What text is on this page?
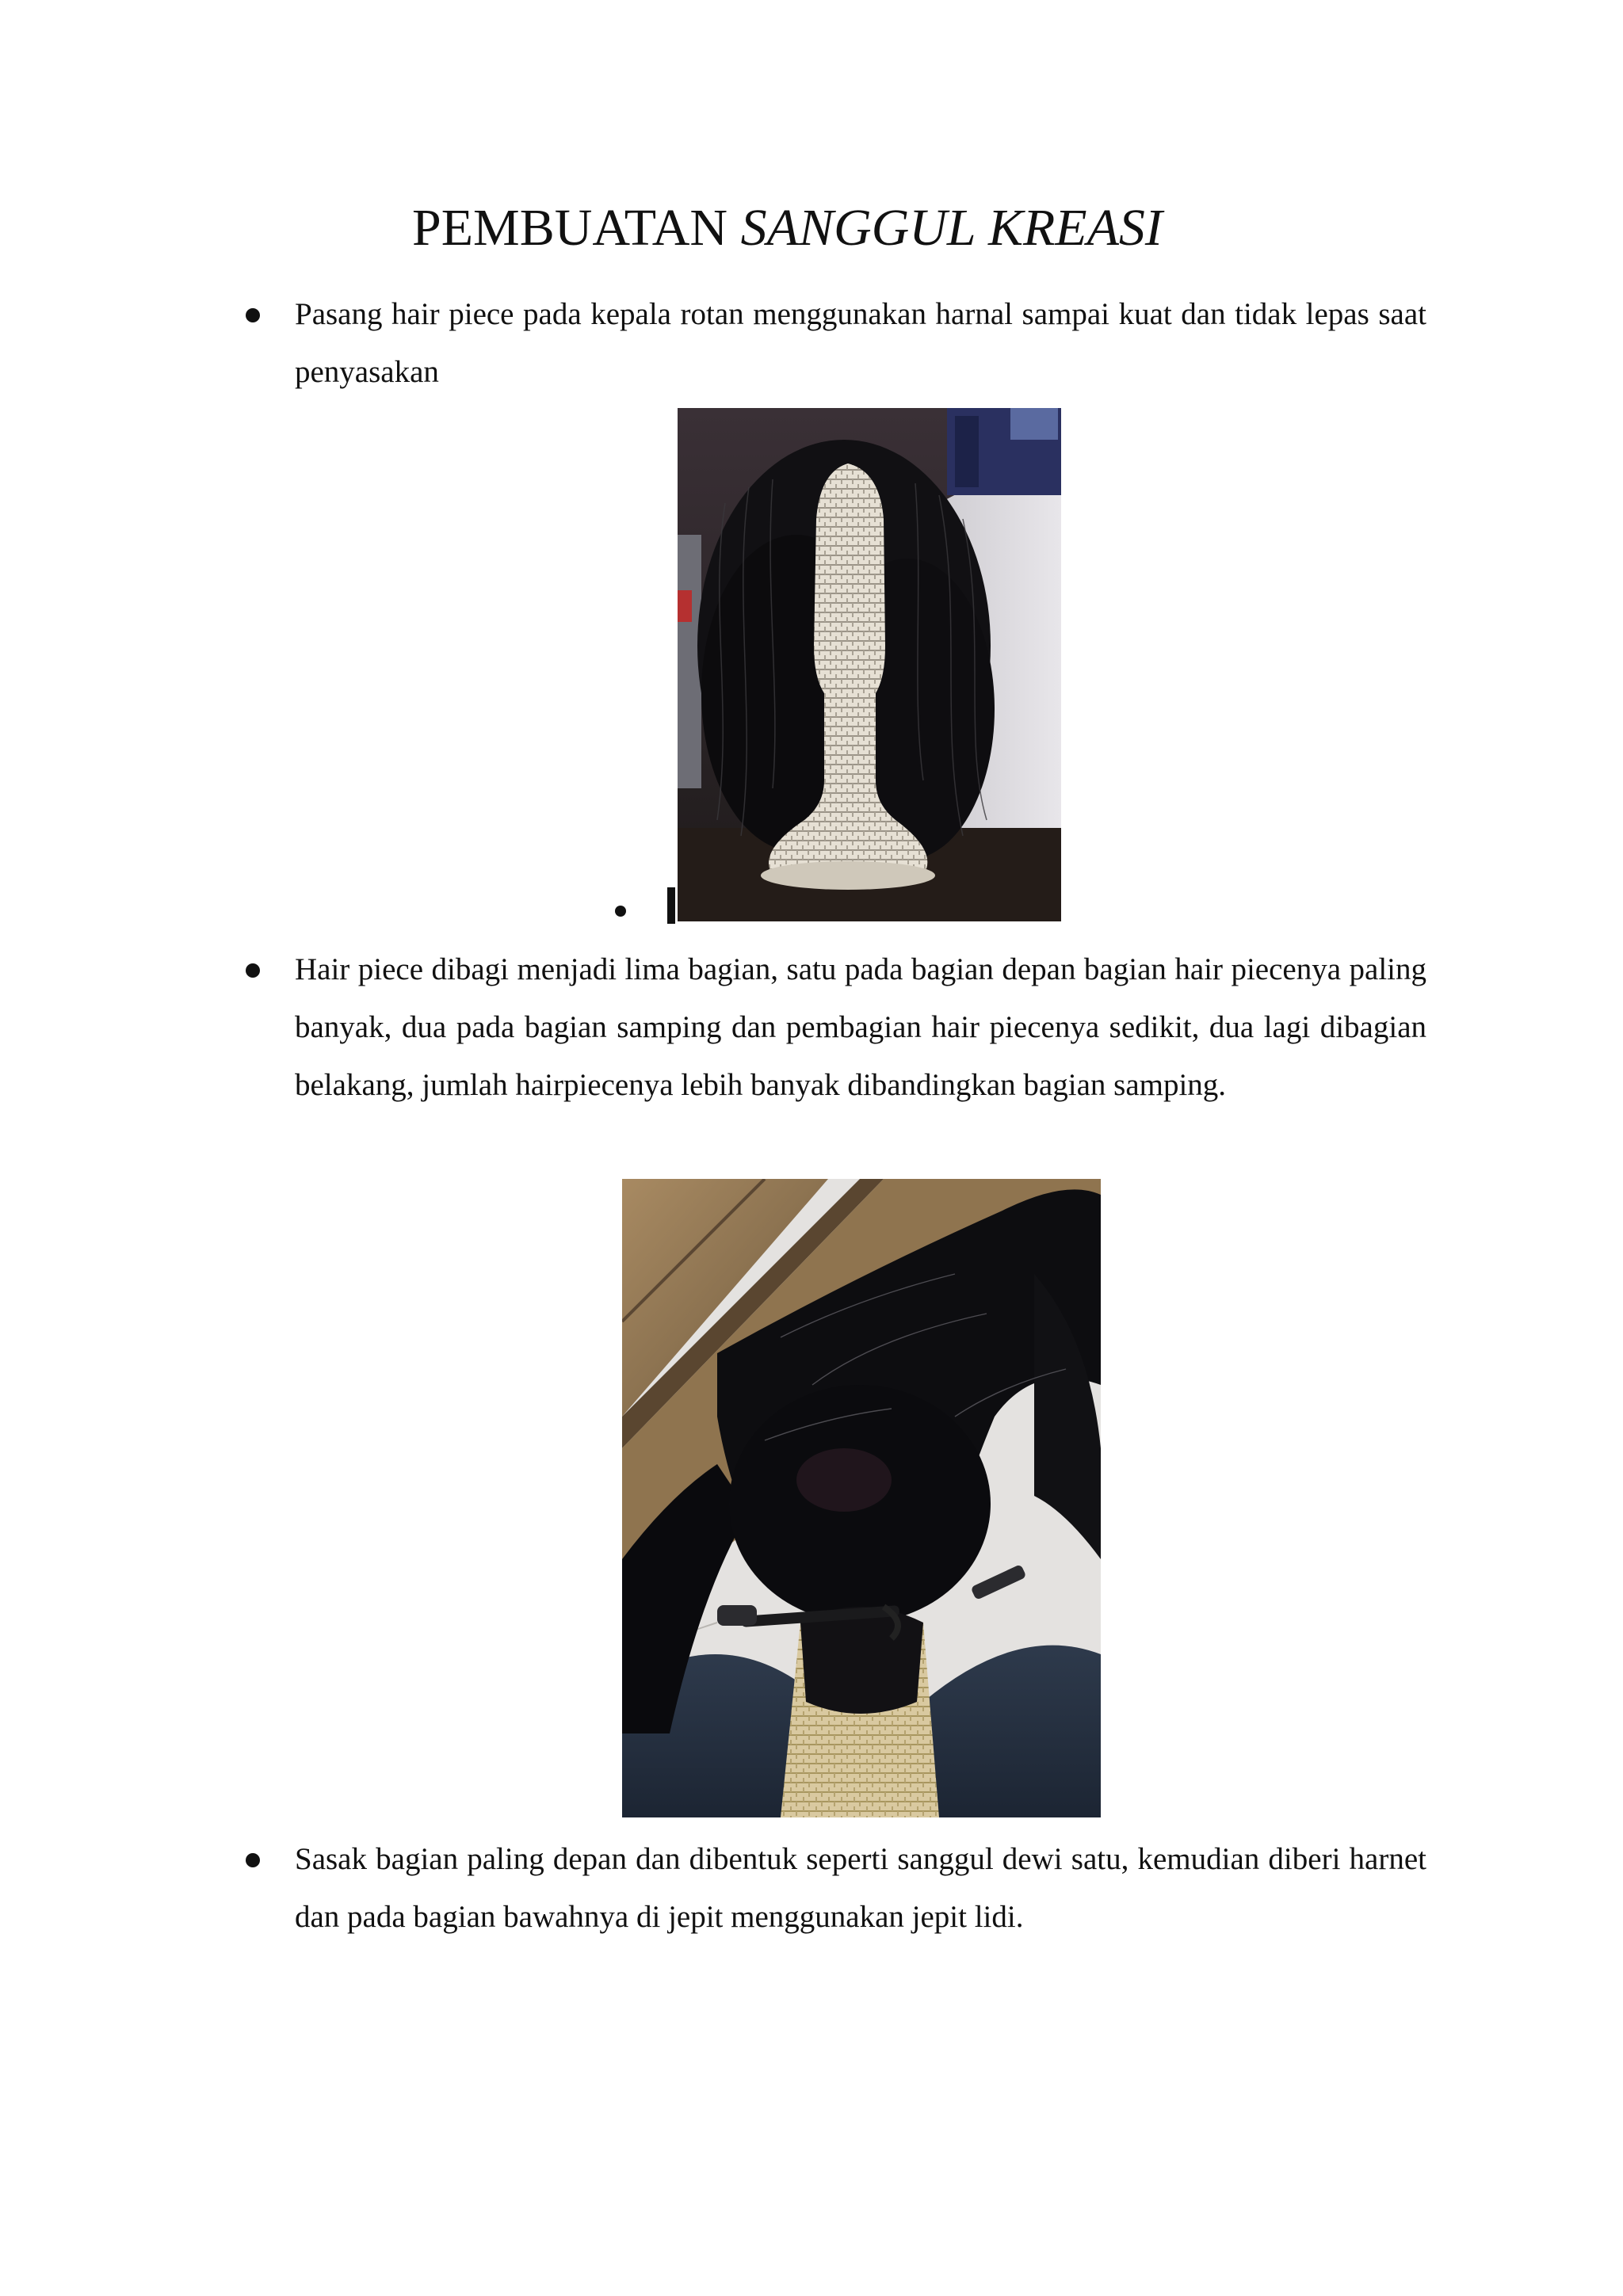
PEMBUATAN SANGGUL KREASI
Pasang hair piece pada kepala rotan menggunakan harnal sampai kuat dan tidak lepas saat penyasakan
Hair piece dibagi menjadi lima bagian, satu pada bagian depan bagian hair piecenya paling banyak, dua pada bagian samping dan pembagian hair piecenya sedikit, dua lagi dibagian belakang, jumlah hairpiecenya lebih banyak dibandingkan bagian samping.
Sasak bagian paling depan dan dibentuk seperti sanggul dewi satu, kemudian diberi harnet dan pada bagian bawahnya di jepit menggunakan jepit lidi.
